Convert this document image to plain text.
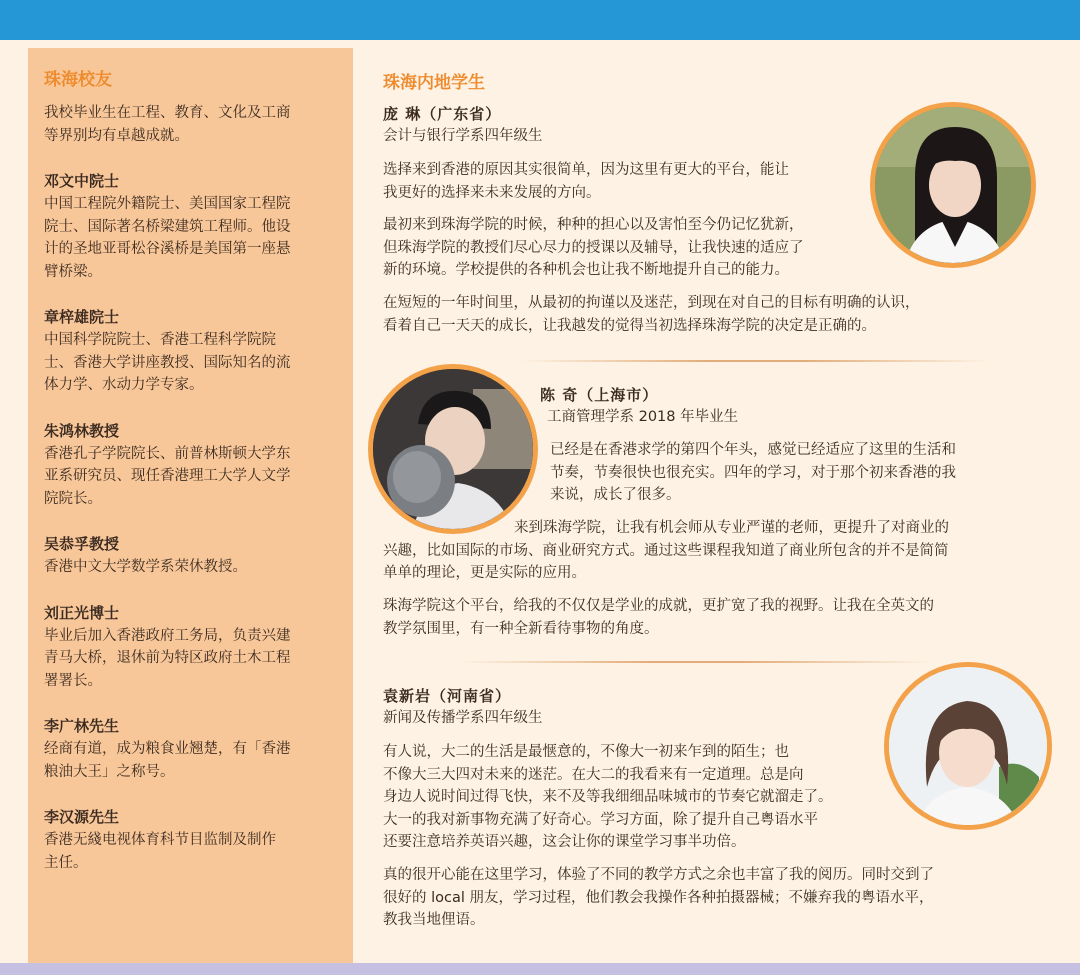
珠海校友

我校毕业生在工程、教育、文化及工商

等界别均有卓越成就。

邓文中院士

中国工程院外籍院士、美国国家工程院

院士、国际著名桥梁建筑工程师。他设

计的圣地亚哥松谷溪桥是美国第一座悬

臂桥梁。

章梓雄院士

中国科学院院士、香港工程科学院院

士、香港大学讲座教授、国际知名的流

体力学、水动力学专家。

朱鸿林教授

香港孔子学院院长、前普林斯顿大学东

亚系研究员、现任香港理工大学人文学

院院长。

吴恭孚教授

香港中文大学数学系荣休教授。

刘正光博士

毕业后加入香港政府工务局，负责兴建

青马大桥，退休前为特区政府土木工程

署署长。

李广林先生

经商有道，成为粮食业翘楚，有「香港

粮油大王」之称号。

李汉源先生

香港无綫电视体育科节目监制及制作

主任。

珠海内地学生

庞 琳（广东省）

会计与银行学系四年级生

选择来到香港的原因其实很简单，因为这里有更大的平台，能让

我更好的选择来未来发展的方向。

最初来到珠海学院的时候，种种的担心以及害怕至今仍记忆犹新，

但珠海学院的教授们尽心尽力的授课以及辅导，让我快速的适应了

新的环境。学校提供的各种机会也让我不断地提升自己的能力。

在短短的一年时间里，从最初的拘谨以及迷茫，到现在对自己的目标有明确的认识，

看着自己一天天的成长，让我越发的觉得当初选择珠海学院的决定是正确的。

陈 奇（上海市）

工商管理学系 2018 年毕业生

已经是在香港求学的第四个年头，感觉已经适应了这里的生活和

节奏，节奏很快也很充实。四年的学习，对于那个初来香港的我

来说，成长了很多。

来到珠海学院，让我有机会师从专业严谨的老师，更提升了对商业的

兴趣，比如国际的市场、商业研究方式。通过这些课程我知道了商业所包含的并不是简简

单单的理论，更是实际的应用。

珠海学院这个平台，给我的不仅仅是学业的成就，更扩宽了我的视野。让我在全英文的

教学氛围里，有一种全新看待事物的角度。

袁新岩（河南省）

新闻及传播学系四年级生

有人说，大二的生活是最惬意的，不像大一初来乍到的陌生；也

不像大三大四对未来的迷茫。在大二的我看来有一定道理。总是向

身边人说时间过得飞快，来不及等我细细品味城市的节奏它就溜走了。

大一的我对新事物充满了好奇心。学习方面，除了提升自己粤语水平

还要注意培养英语兴趣，这会让你的课堂学习事半功倍。

真的很开心能在这里学习，体验了不同的教学方式之余也丰富了我的阅历。同时交到了

很好的 local 朋友，学习过程，他们教会我操作各种拍摄器械；不嫌弃我的粤语水平，

教我当地俚语。
